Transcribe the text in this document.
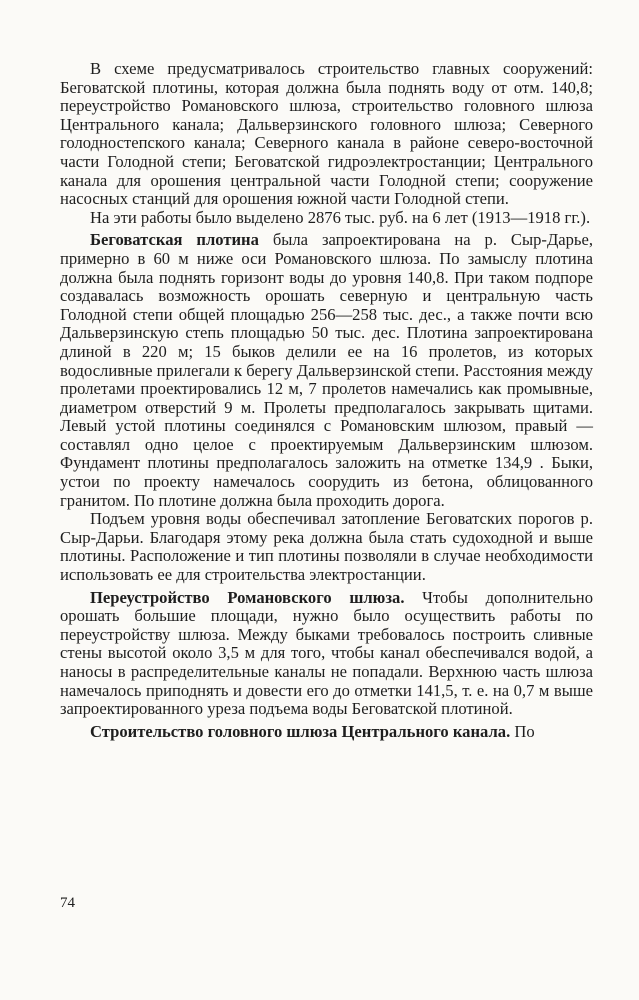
В схеме предусматривалось строительство главных сооружений: Беговатской плотины, которая должна была поднять воду от отм. 140,8; переустройство Романовского шлюза, строительство головного шлюза Центрального канала; Дальверзинского головного шлюза; Северного голодностепского канала; Северного канала в районе северо-восточной части Голодной степи; Беговатской гидроэлектростанции; Центрального канала для орошения центральной части Голодной степи; сооружение насосных станций для орошения южной части Голодной степи.

На эти работы было выделено 2876 тыс. руб. на 6 лет (1913—1918 гг.).

Беговатская плотина была запроектирована на р. Сыр-Дарье, примерно в 60 м ниже оси Романовского шлюза. По замыслу плотина должна была поднять горизонт воды до уровня 140,8. При таком подпоре создавалась возможность орошать северную и центральную часть Голодной степи общей площадью 256—258 тыс. дес., а также почти всю Дальверзинскую степь площадью 50 тыс. дес. Плотина запроектирована длиной в 220 м; 15 быков делили ее на 16 пролетов, из которых водосливные прилегали к берегу Дальверзинской степи. Расстояния между пролетами проектировались 12 м, 7 пролетов намечались как промывные, диаметром отверстий 9 м. Пролеты предполагалось закрывать щитами. Левый устой плотины соединялся с Романовским шлюзом, правый — составлял одно целое с проектируемым Дальверзинским шлюзом. Фундамент плотины предполагалось заложить на отметке 134,9 . Быки, устои по проекту намечалось соорудить из бетона, облицованного гранитом. По плотине должна была проходить дорога.

Подъем уровня воды обеспечивал затопление Беговатских порогов р. Сыр-Дарьи. Благодаря этому река должна была стать судоходной и выше плотины. Расположение и тип плотины позволяли в случае необходимости использовать ее для строительства электростанции.

Переустройство Романовского шлюза. Чтобы дополнительно орошать большие площади, нужно было осуществить работы по переустройству шлюза. Между быками требовалось построить сливные стены высотой около 3,5 м для того, чтобы канал обеспечивался водой, а наносы в распределительные каналы не попадали. Верхнюю часть шлюза намечалось приподнять и довести его до отметки 141,5, т. е. на 0,7 м выше запроектированного уреза подъема воды Беговатской плотиной.

Строительство головного шлюза Центрального канала. По

74
